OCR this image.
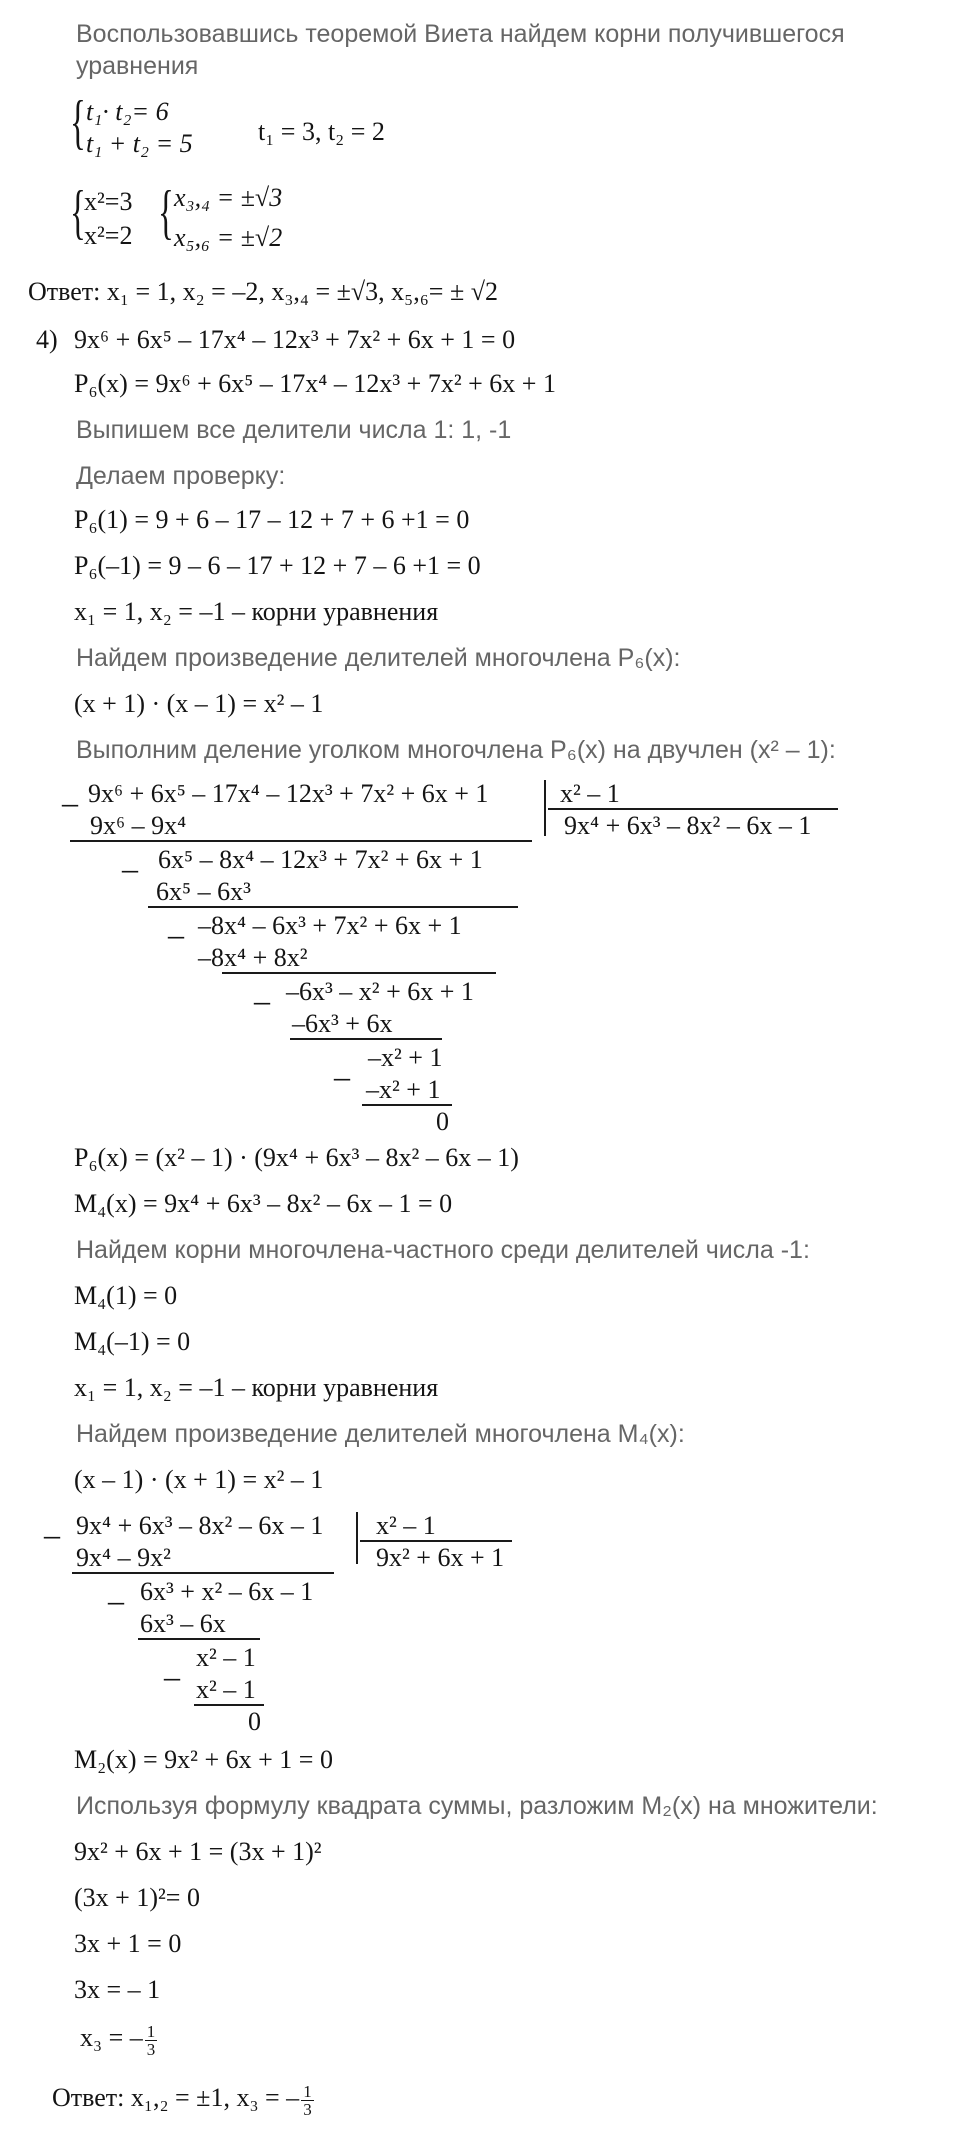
Воспользовавшись теоремой Виета найдем корни получившегося
уравнения
{ t₁· t₂= 6
t₁ + t₂ = 5	t₁ = 3, t₂ = 2
{
x²=3
x²=2 { x₃,₄ = ±√3
x₅,₆ = ±√2
Ответ: x₁ = 1, x₂ = –2, x₃,₄ = ±√3, x₅,₆= ± √2
4) 9x⁶ + 6x⁵ – 17x⁴ – 12x³ + 7x² + 6x + 1 = 0
P₆(x) = 9x⁶ + 6x⁵ – 17x⁴ – 12x³ + 7x² + 6x + 1
Выпишем все делители числа 1: 1, -1
Делаем проверку:
P₆(1) = 9 + 6 – 17 – 12 + 7 + 6 +1 = 0
P₆(–1) = 9 – 6 – 17 + 12 + 7 – 6 +1 = 0
x₁ = 1, x₂ = –1 – корни уравнения
Найдем произведение делителей многочлена P₆(x):
(x + 1) · (x – 1) = x² – 1
Выполним деление уголком многочлена P₆(x) на двучлен (x² – 1):
– 9x⁶ + 6x⁵ – 17x⁴ – 12x³ + 7x² + 6x + 1	x² – 1
9x⁴ + 6x³ – 8x² – 6x – 1
9x⁶ – 9x⁴
– 6x⁵ – 8x⁴ – 12x³ + 7x² + 6x + 1
6x⁵ – 6x³
– –8x⁴ – 6x³ + 7x² + 6x + 1
–8x⁴ + 8x²
– –6x³ – x² + 6x + 1
–6x³ + 6x
–x² + 1
– –x² + 1
0
P₆(x) = (x² – 1) · (9x⁴ + 6x³ – 8x² – 6x – 1)
M₄(x) = 9x⁴ + 6x³ – 8x² – 6x – 1 = 0
Найдем корни многочлена-частного среди делителей числа -1:
M₄(1) = 0
M₄(–1) = 0
x₁ = 1, x₂ = –1 – корни уравнения
Найдем произведение делителей многочлена M₄(x):
(x – 1) · (x + 1) = x² – 1
– 9x⁴ + 6x³ – 8x² – 6x – 1 x² – 1
9x² + 6x + 1
9x⁴ – 9x²
– 6x³ + x² – 6x – 1
6x³ – 6x
x² – 1
– x² – 1
0
M₂(x) = 9x² + 6x + 1 = 0
Используя формулу квадрата суммы, разложим M₂(x) на множители:
9x² + 6x + 1 = (3x + 1)²
(3x + 1)²= 0
3x + 1 = 0
3x = – 1
x₃ = – $\frac{1}{3}$
Ответ: x₁,₂ = ±1, x₃ = – $\frac{1}{3}$
